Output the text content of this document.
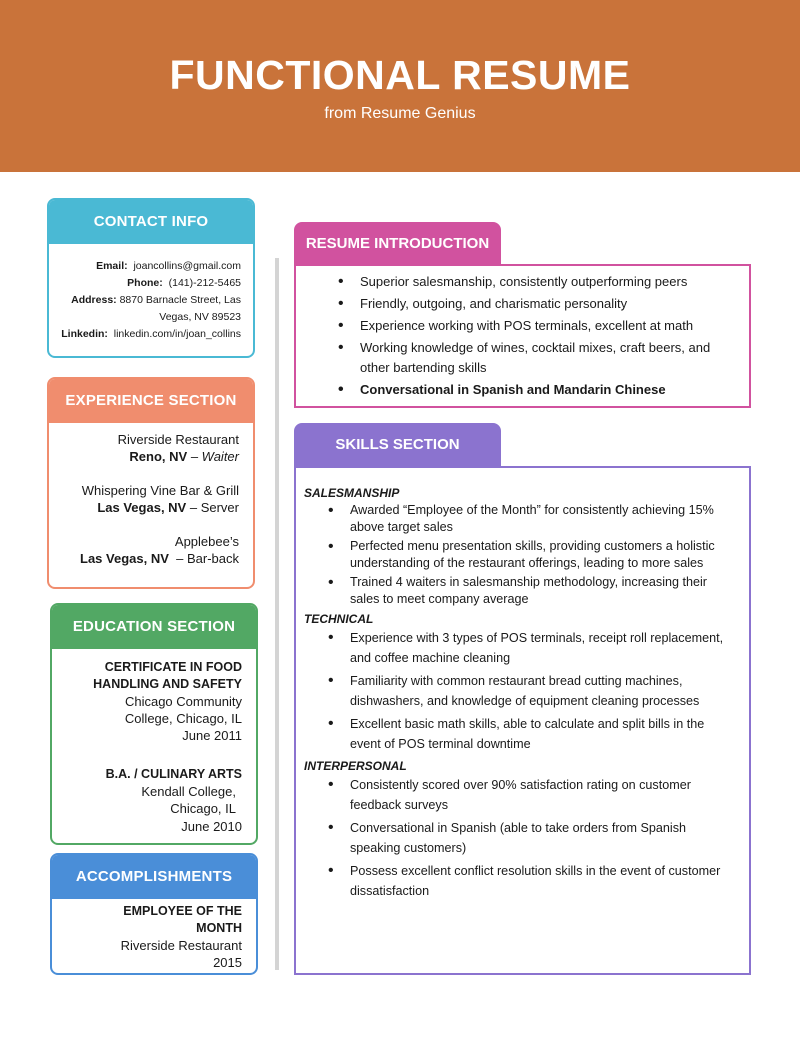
FUNCTIONAL RESUME
from Resume Genius
CONTACT INFO
Email: joancollins@gmail.com
Phone: (141)-212-5465
Address: 8870 Barnacle Street, Las
Vegas, NV 89523
Linkedin: linkedin.com/in/joan_collins
EXPERIENCE SECTION
Riverside Restaurant
Reno, NV – Waiter
Whispering Vine Bar & Grill
Las Vegas, NV – Server
Applebee’s
Las Vegas, NV  – Bar-back
EDUCATION SECTION
CERTIFICATE IN FOOD
HANDLING AND SAFETY
Chicago Community
College, Chicago, IL
June 2011
B.A. / CULINARY ARTS
Kendall College,
Chicago, IL
June 2010
ACCOMPLISHMENTS
EMPLOYEE OF THE
MONTH
Riverside Restaurant
2015
RESUME INTRODUCTION
• Superior salesmanship, consistently outperforming peers
• Friendly, outgoing, and charismatic personality
• Experience working with POS terminals, excellent at math
• Working knowledge of wines, cocktail mixes, craft beers, and other bartending skills
• Conversational in Spanish and Mandarin Chinese
SKILLS SECTION
SALESMANSHIP
• Awarded “Employee of the Month” for consistently achieving 15% above target sales
• Perfected menu presentation skills, providing customers a holistic understanding of the restaurant offerings, leading to more sales
• Trained 4 waiters in salesmanship methodology, increasing their sales to meet company average
TECHNICAL
• Experience with 3 types of POS terminals, receipt roll replacement, and coffee machine cleaning
• Familiarity with common restaurant bread cutting machines, dishwashers, and knowledge of equipment cleaning processes
• Excellent basic math skills, able to calculate and split bills in the event of POS terminal downtime
INTERPERSONAL
• Consistently scored over 90% satisfaction rating on customer feedback surveys
• Conversational in Spanish (able to take orders from Spanish speaking customers)
• Possess excellent conflict resolution skills in the event of customer dissatisfaction
